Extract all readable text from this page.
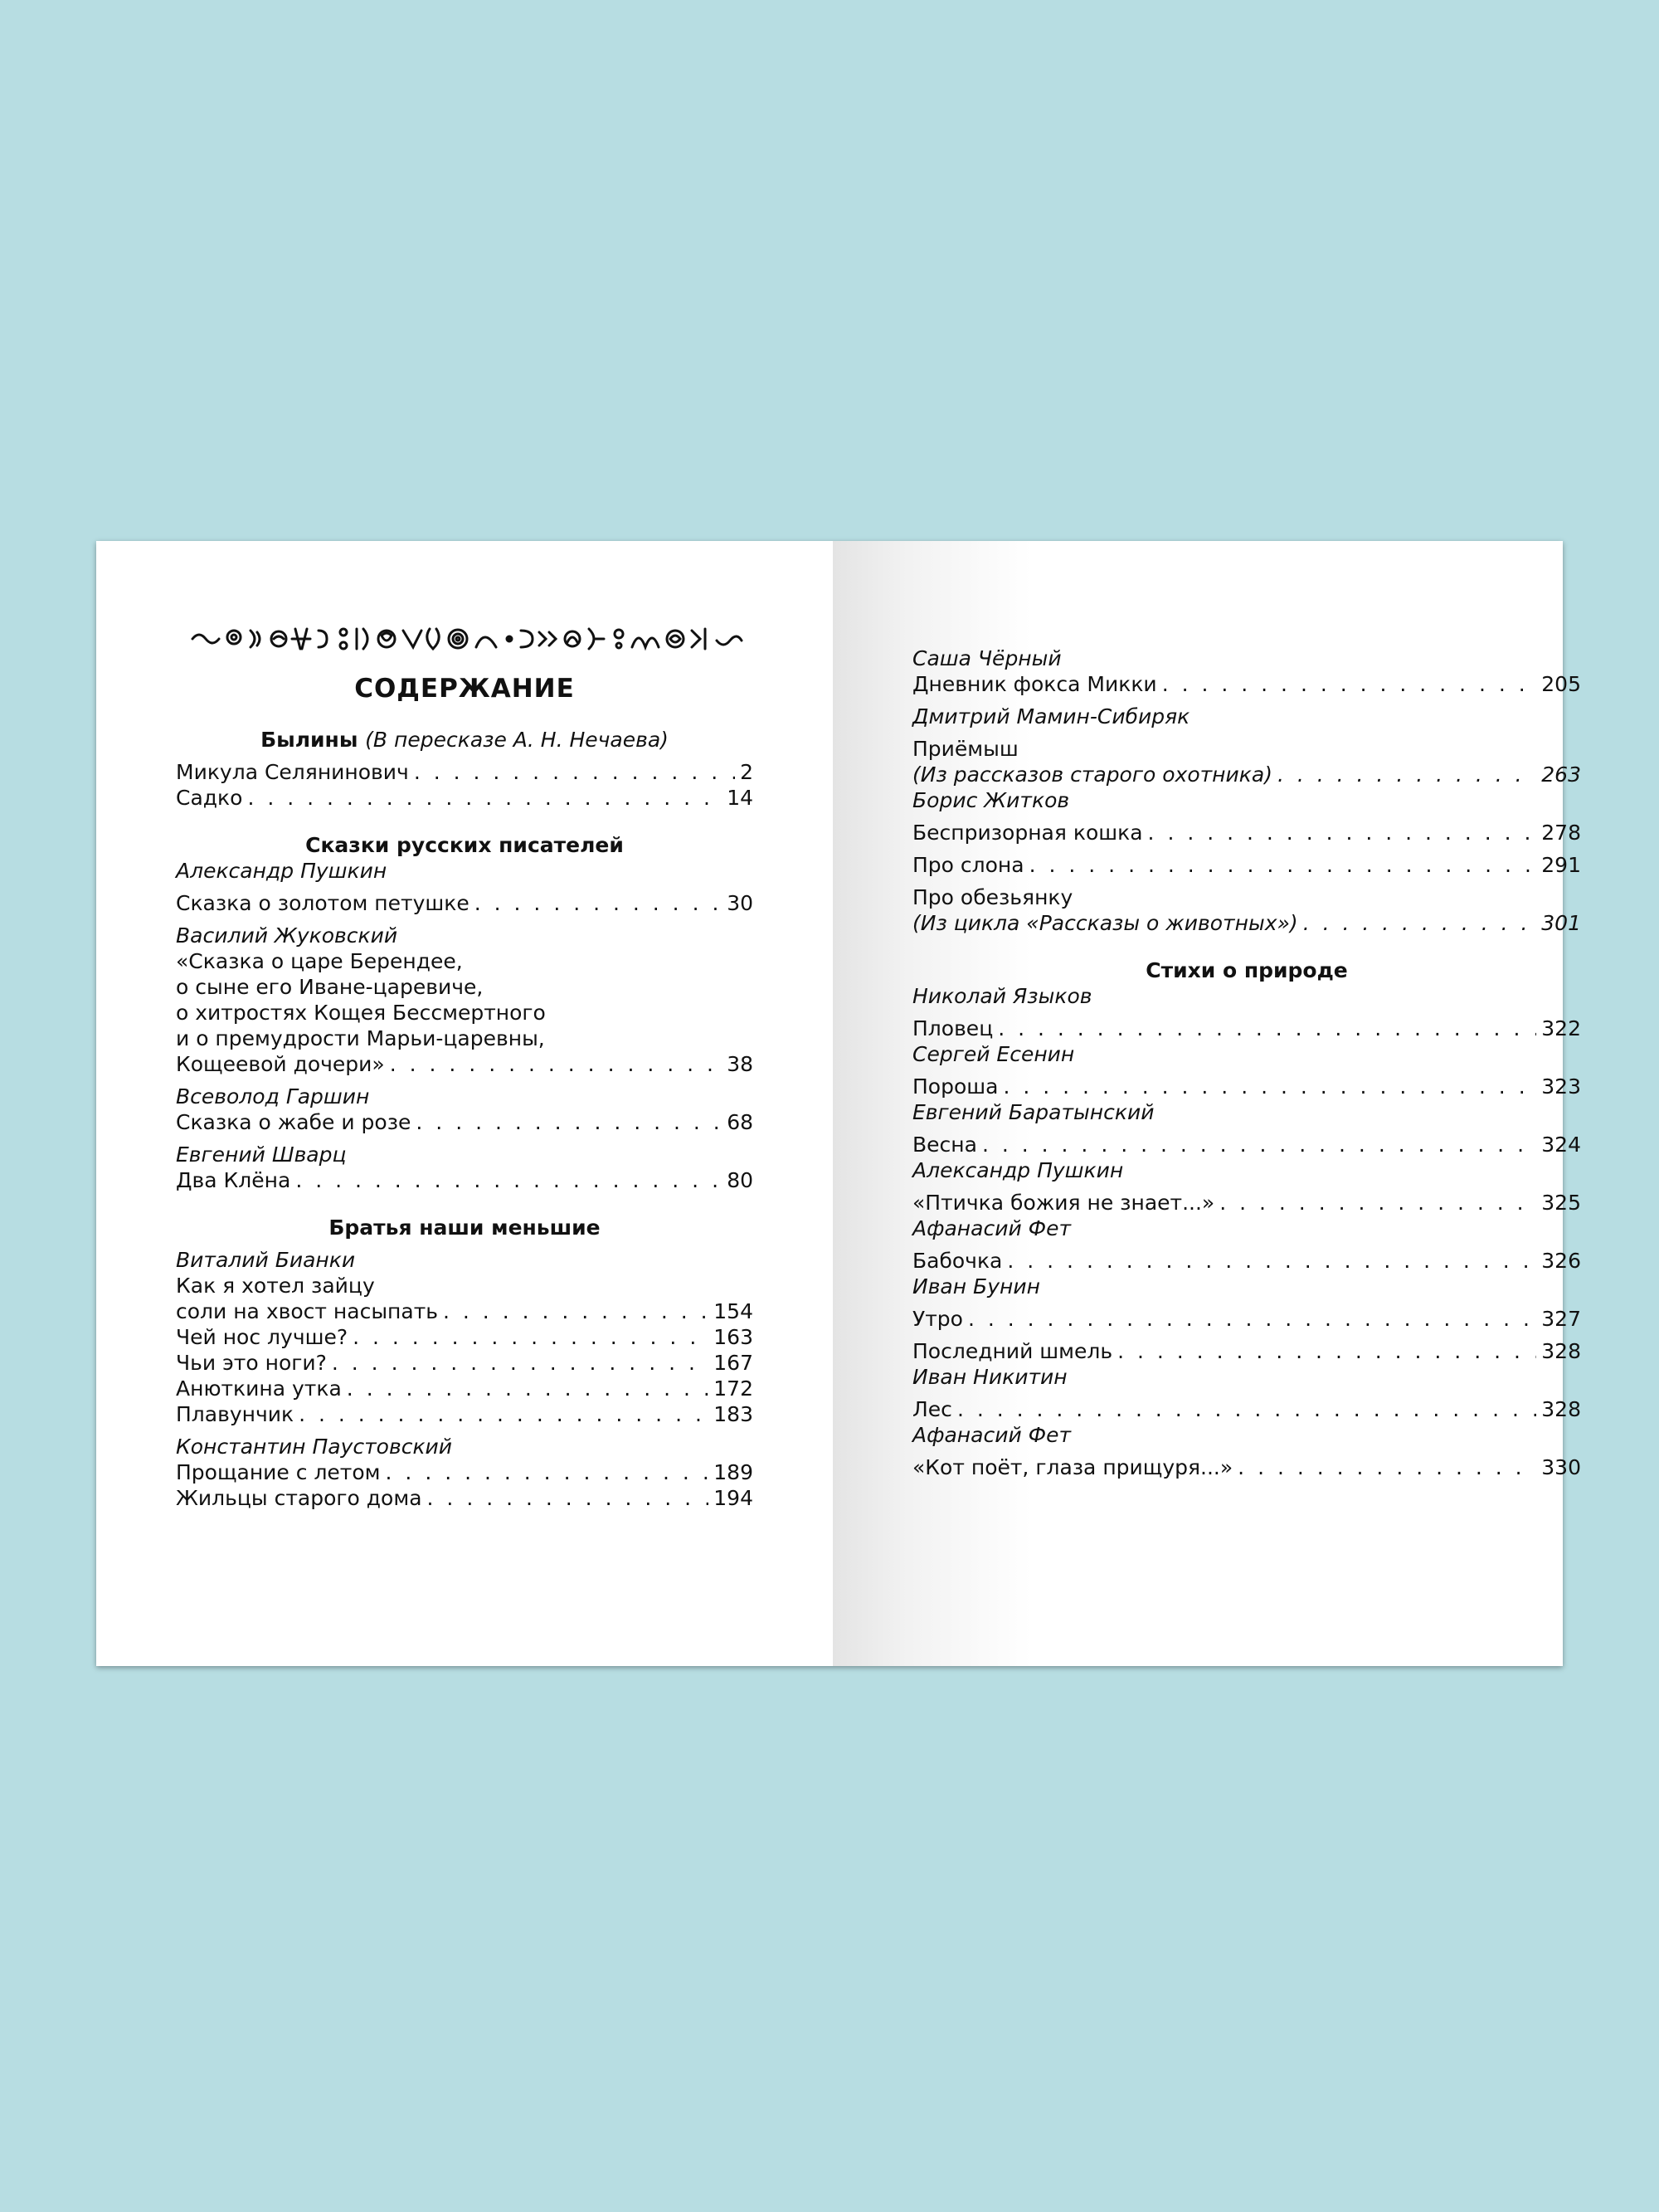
СОДЕРЖАНИЕ
Былины (В пересказе А. Н. Нечаева)
Микула Селянинович . . .	2
Садко . . .	14
Сказки русских писателей
Александр Пушкин
Сказка о золотом петушке . . .	30
Василий Жуковский
«Сказка о царе Берендее,
о сыне его Иване-царевиче,
о хитростях Кощея Бессмертного
и о премудрости Марьи-царевны,
Кощеевой дочери» . . .	38
Всеволод Гаршин
Сказка о жабе и розе . . .	68
Евгений Шварц
Два Клёна . . .	80
Братья наши меньшие
Виталий Бианки
Как я хотел зайцу
соли на хвост насыпать . . .	154
Чей нос лучше? . . .	163
Чьи это ноги? . . .	167
Анюткина утка . . .	172
Плавунчик . . .	183
Константин Паустовский
Прощание с летом . . .	189
Жильцы старого дома . . .	194
Саша Чёрный
Дневник фокса Микки . . .	205
Дмитрий Мамин-Сибиряк
Приёмыш
(Из рассказов старого охотника) . . .	263
Борис Житков
Беспризорная кошка . . .	278
Про слона . . .	291
Про обезьянку
(Из цикла «Рассказы о животных») . . .	301
Стихи о природе
Николай Языков
Пловец . . .	322
Сергей Есенин
Пороша . . .	323
Евгений Баратынский
Весна . . .	324
Александр Пушкин
«Птичка божия не знает...» . . .	325
Афанасий Фет
Бабочка . . .	326
Иван Бунин
Утро . . .	327
Последний шмель . . .	328
Иван Никитин
Лес . . .	328
Афанасий Фет
«Кот поёт, глаза прищуря...» . . .	330
